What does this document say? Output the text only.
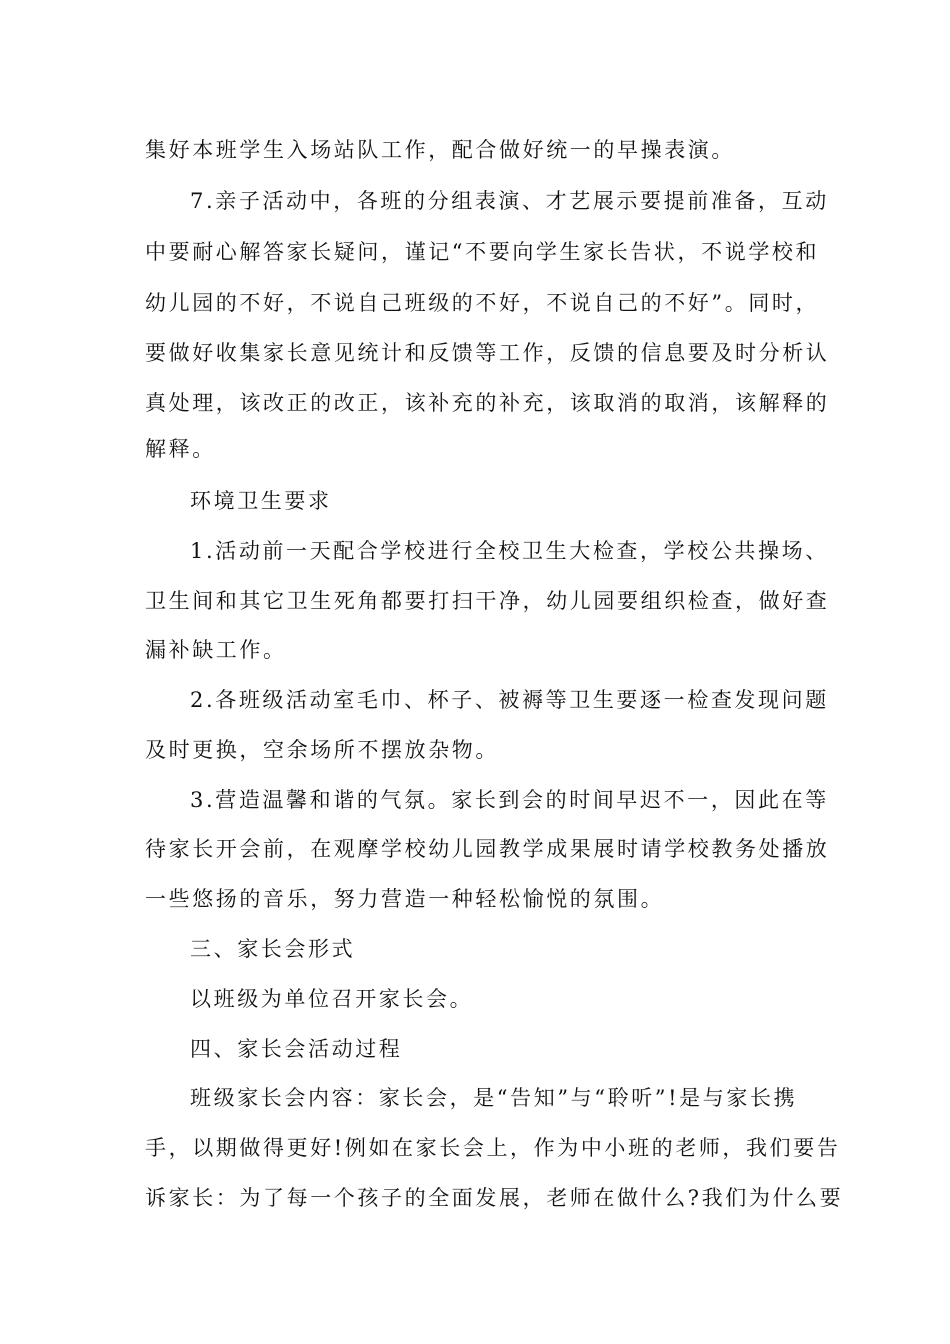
集好本班学生入场站队工作，配合做好统一的早操表演。
7.亲子活动中，各班的分组表演、才艺展示要提前准备，互动
中要耐心解答家长疑问，谨记“不要向学生家长告状，不说学校和
幼儿园的不好，不说自己班级的不好，不说自己的不好”。同时，
要做好收集家长意见统计和反馈等工作，反馈的信息要及时分析认
真处理，该改正的改正，该补充的补充，该取消的取消，该解释的
解释。
环境卫生要求
1.活动前一天配合学校进行全校卫生大检查，学校公共操场、
卫生间和其它卫生死角都要打扫干净，幼儿园要组织检查，做好查
漏补缺工作。
2.各班级活动室毛巾、杯子、被褥等卫生要逐一检查发现问题
及时更换，空余场所不摆放杂物。
3.营造温馨和谐的气氛。家长到会的时间早迟不一，因此在等
待家长开会前，在观摩学校幼儿园教学成果展时请学校教务处播放
一些悠扬的音乐，努力营造一种轻松愉悦的氛围。
三、家长会形式
以班级为单位召开家长会。
四、家长会活动过程
班级家长会内容：家长会，是“告知”与“聆听”!是与家长携
手，以期做得更好!例如在家长会上，作为中小班的老师，我们要告
诉家长：为了每一个孩子的全面发展，老师在做什么?我们为什么要
